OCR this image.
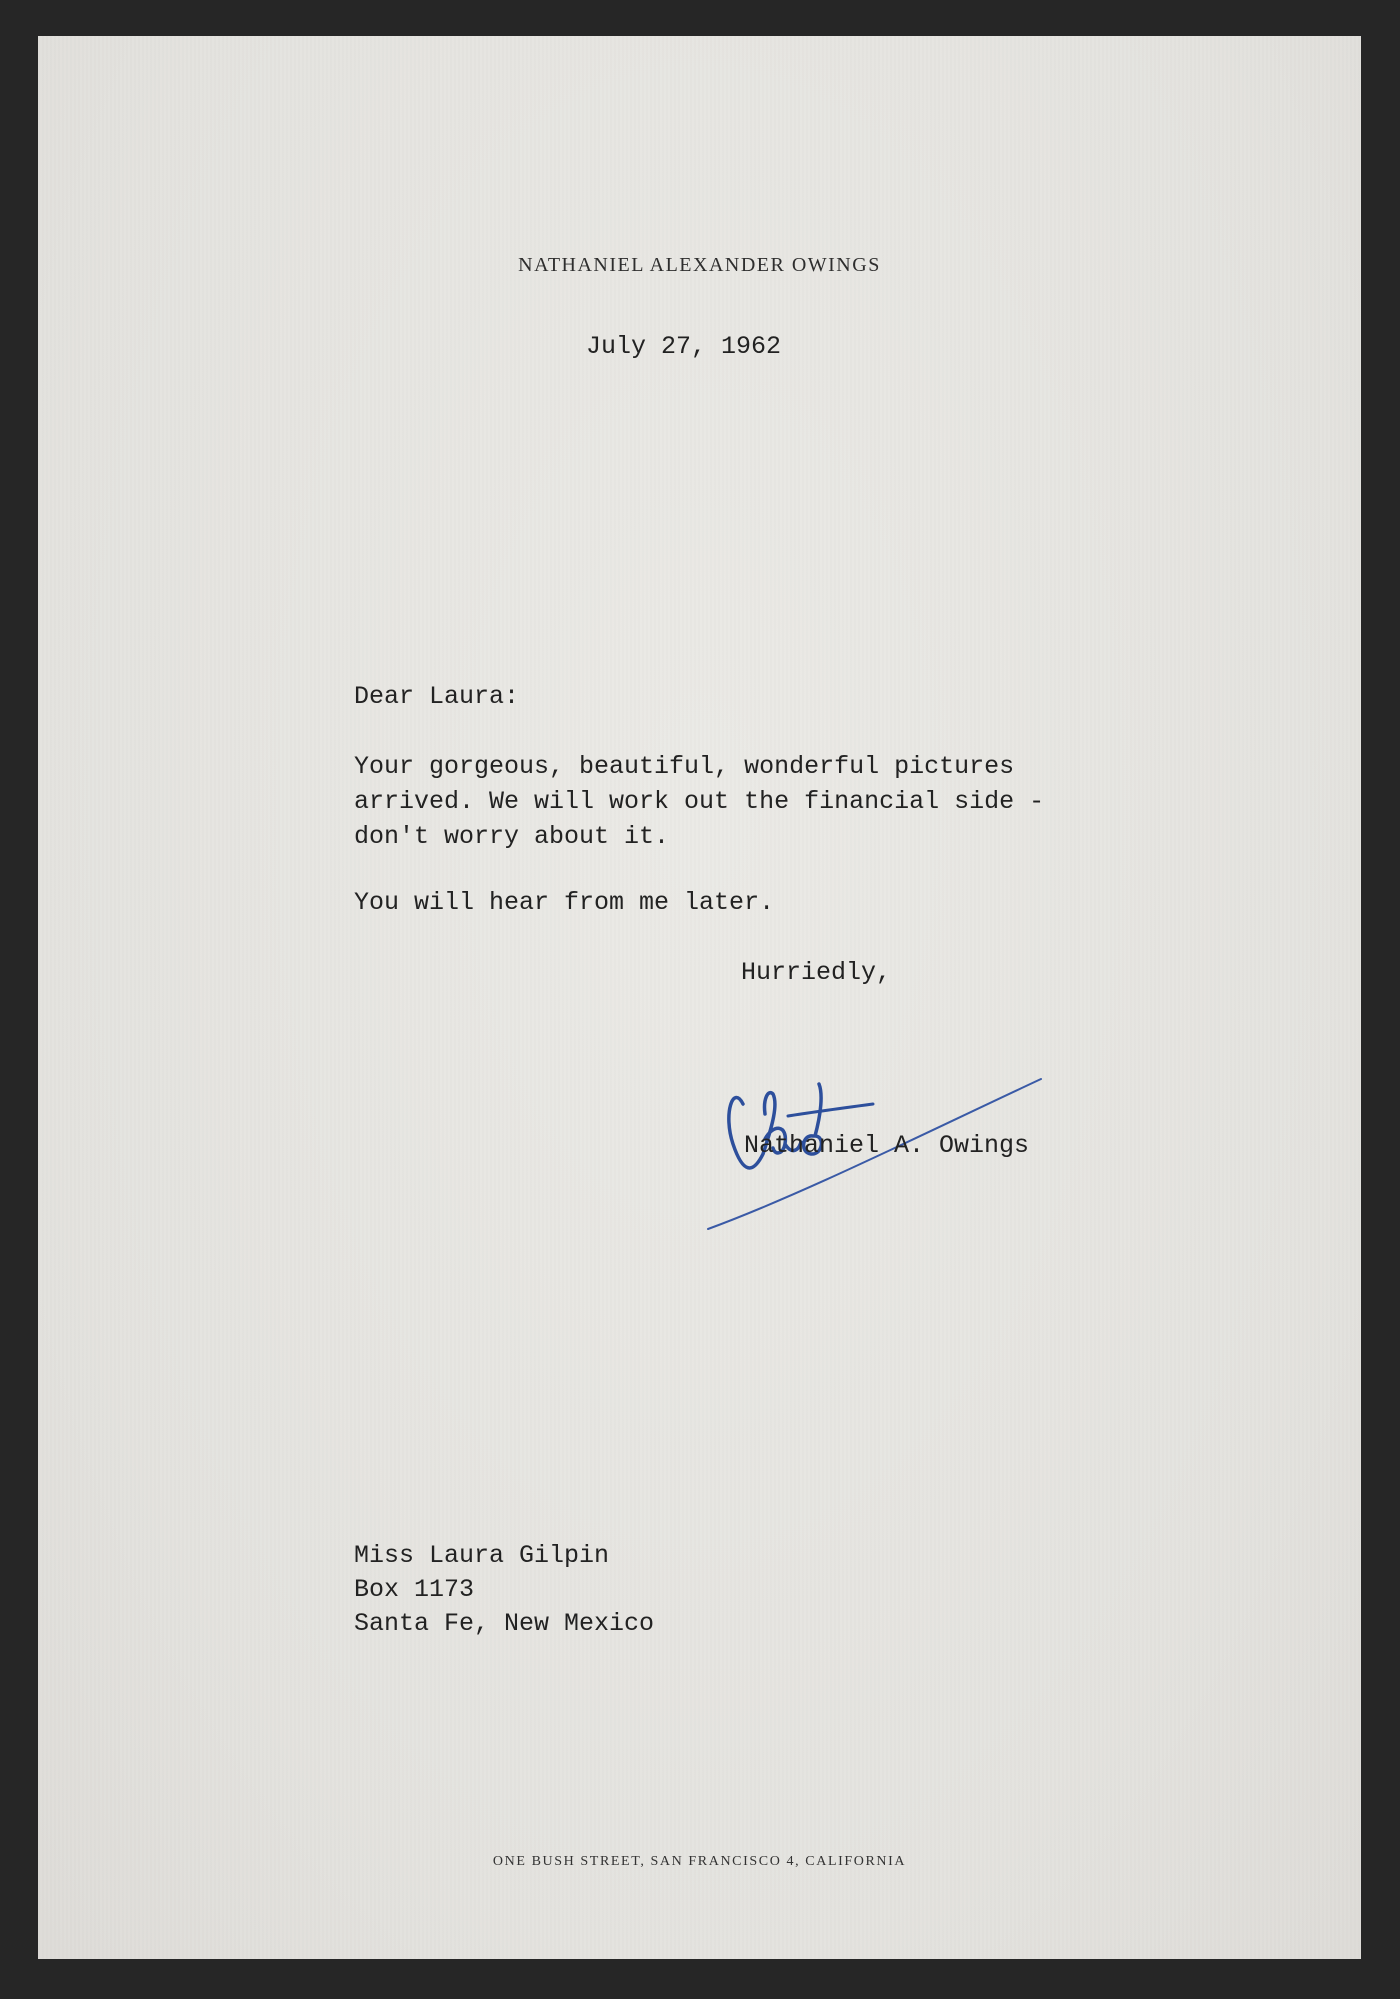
NATHANIEL ALEXANDER OWINGS
July 27, 1962
Dear Laura:
Your gorgeous, beautiful, wonderful pictures
arrived. We will work out the financial side -
don't worry about it.
You will hear from me later.
Hurriedly,
Nathaniel A. Owings
Miss Laura Gilpin
Box 1173
Santa Fe, New Mexico
ONE BUSH STREET, SAN FRANCISCO 4, CALIFORNIA
